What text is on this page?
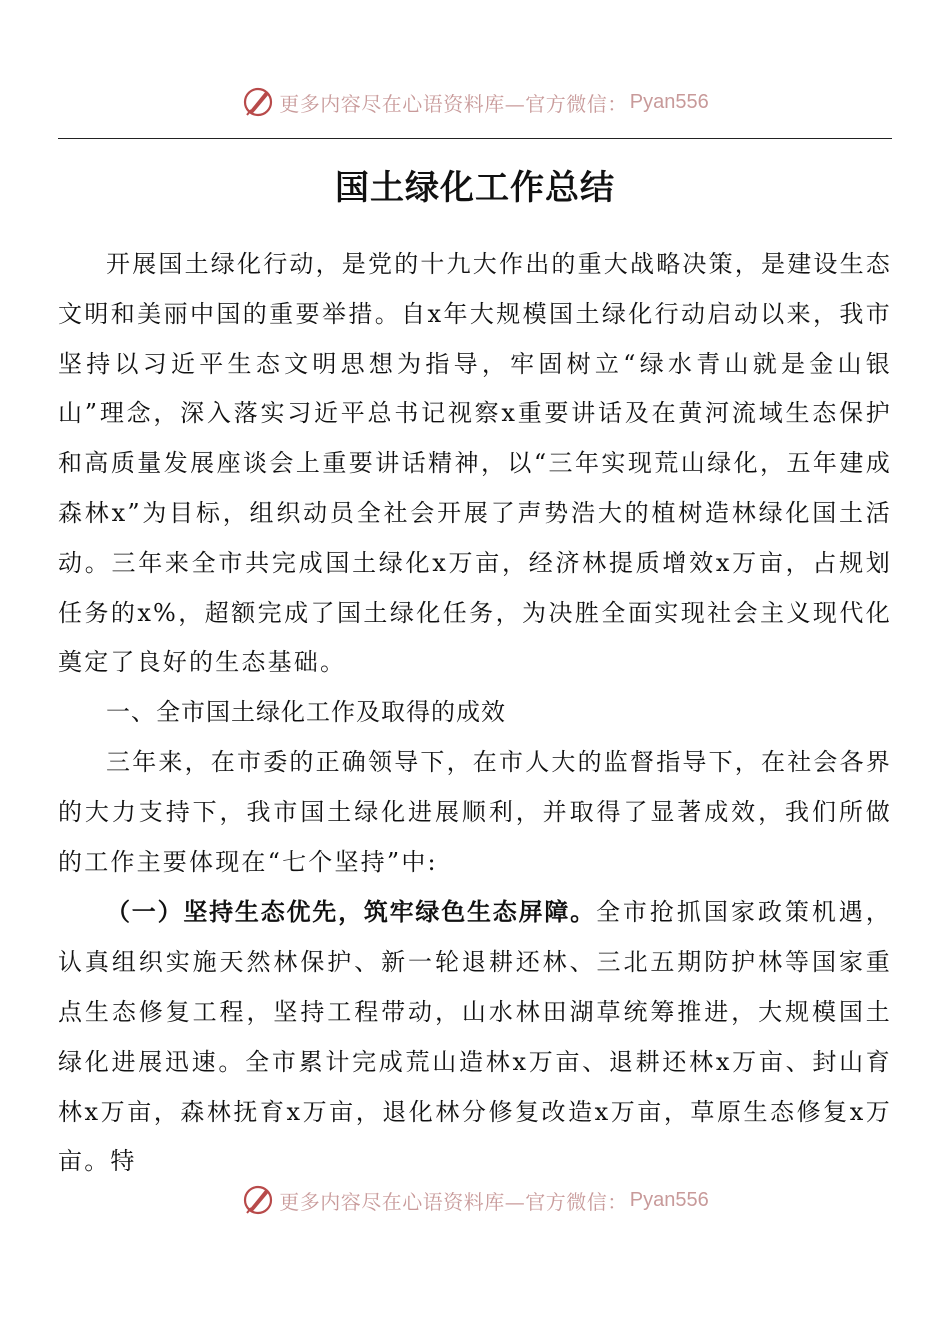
更多内容尽在心语资料库—官方微信： Pyan556
国土绿化工作总结

开展国土绿化行动，是党的十九大作出的重大战略决策，是建设生态文明和美丽中国的重要举措。自x年大规模国土绿化行动启动以来，我市坚持以习近平生态文明思想为指导，牢固树立“绿水青山就是金山银山”理念，深入落实习近平总书记视察x重要讲话及在黄河流域生态保护和高质量发展座谈会上重要讲话精神，以“三年实现荒山绿化，五年建成森林x”为目标，组织动员全社会开展了声势浩大的植树造林绿化国土活动。三年来全市共完成国土绿化x万亩，经济林提质增效x万亩，占规划任务的x%，超额完成了国土绿化任务，为决胜全面实现社会主义现代化奠定了良好的生态基础。

一、全市国土绿化工作及取得的成效

三年来，在市委的正确领导下，在市人大的监督指导下，在社会各界的大力支持下，我市国土绿化进展顺利，并取得了显著成效，我们所做的工作主要体现在“七个坚持”中:

（一）坚持生态优先，筑牢绿色生态屏障。全市抢抓国家政策机遇，认真组织实施天然林保护、新一轮退耕还林、三北五期防护林等国家重点生态修复工程，坚持工程带动，山水林田湖草统筹推进，大规模国土绿化进展迅速。全市累计完成荒山造林x万亩、退耕还林x万亩、封山育林x万亩，森林抚育x万亩，退化林分修复改造x万亩，草原生态修复x万亩。特

更多内容尽在心语资料库—官方微信： Pyan556
